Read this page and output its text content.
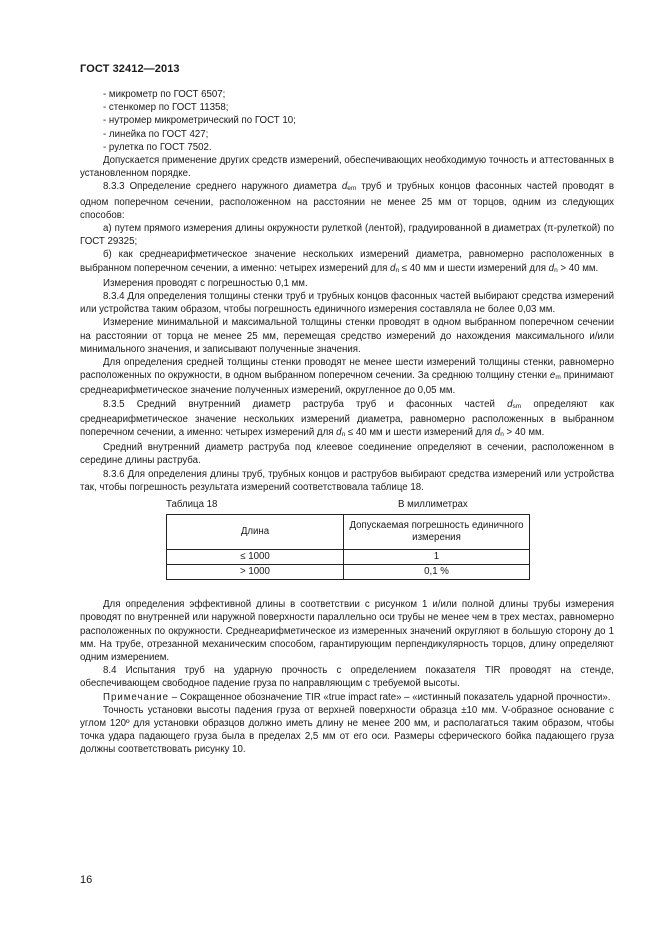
ГОСТ 32412—2013

- микрометр по ГОСТ 6507;

- стенкомер по ГОСТ 11358;

- нутромер микрометрический по ГОСТ 10;

- линейка по ГОСТ 427;

- рулетка по ГОСТ 7502.

Допускается применение других средств измерений, обеспечивающих необходимую точность и аттестованных в установленном порядке.

8.3.3 Определение среднего наружного диаметра dem труб и трубных концов фасонных частей проводят в одном поперечном сечении, расположенном на расстоянии не менее 25 мм от торцов, одним из следующих способов:

а) путем прямого измерения длины окружности рулеткой (лентой), градуированной в диаметрах (π-рулеткой) по ГОСТ 29325;

б) как среднеарифметическое значение нескольких измерений диаметра, равномерно расположенных в выбранном поперечном сечении, а именно: четырех измерений для dn ≤ 40 мм и шести измерений для dn > 40 мм.

Измерения проводят с погрешностью 0,1 мм.

8.3.4 Для определения толщины стенки труб и трубных концов фасонных частей выбирают средства измерений или устройства таким образом, чтобы погрешность единичного измерения составляла не более 0,03 мм.

Измерение минимальной и максимальной толщины стенки проводят в одном выбранном поперечном сечении на расстоянии от торца не менее 25 мм, перемещая средство измерений до нахождения максимального и/или минимального значения, и записывают полученные значения.

Для определения средней толщины стенки проводят не менее шести измерений толщины стенки, равномерно расположенных по окружности, в одном выбранном поперечном сечении. За среднюю толщину стенки em принимают среднеарифметическое значение полученных измерений, округленное до 0,05 мм.

8.3.5 Средний внутренний диаметр раструба труб и фасонных частей dsm определяют как среднеарифметическое значение нескольких измерений диаметра, равномерно расположенных в выбранном поперечном сечении, а именно: четырех измерений для dn ≤ 40 мм и шести измерений для dn > 40 мм.

Средний внутренний диаметр раструба под клеевое соединение определяют в сечении, расположенном в середине длины раструба.

8.3.6 Для определения длины труб, трубных концов и раструбов выбирают средства измерений или устройства так, чтобы погрешность результата измерений соответствовала таблице 18.

Таблица 18	В миллиметрах
Длина	Допускаемая погрешность единичного измерения
≤ 1000	1
> 1000	0,1 %

Для определения эффективной длины в соответствии с рисунком 1 и/или полной длины трубы измерения проводят по внутренней или наружной поверхности параллельно оси трубы не менее чем в трех местах, равномерно расположенных по окружности. Среднеарифметическое из измеренных значений округляют в большую сторону до 1 мм. На трубе, отрезанной механическим способом, гарантирующим перпендикулярность торцов, длину определяют одним измерением.

8.4 Испытания труб на ударную прочность с определением показателя TIR проводят на стенде, обеспечивающем свободное падение груза по направляющим с требуемой высоты.

Примечание – Сокращенное обозначение TIR «true impact rate» – «истинный показатель ударной прочности».

Точность установки высоты падения груза от верхней поверхности образца ±10 мм. V-образное основание с углом 120º для установки образцов должно иметь длину не менее 200 мм, и располагаться таким образом, чтобы точка удара падающего груза была в пределах 2,5 мм от его оси. Размеры сферического бойка падающего груза должны соответствовать рисунку 10.

16
